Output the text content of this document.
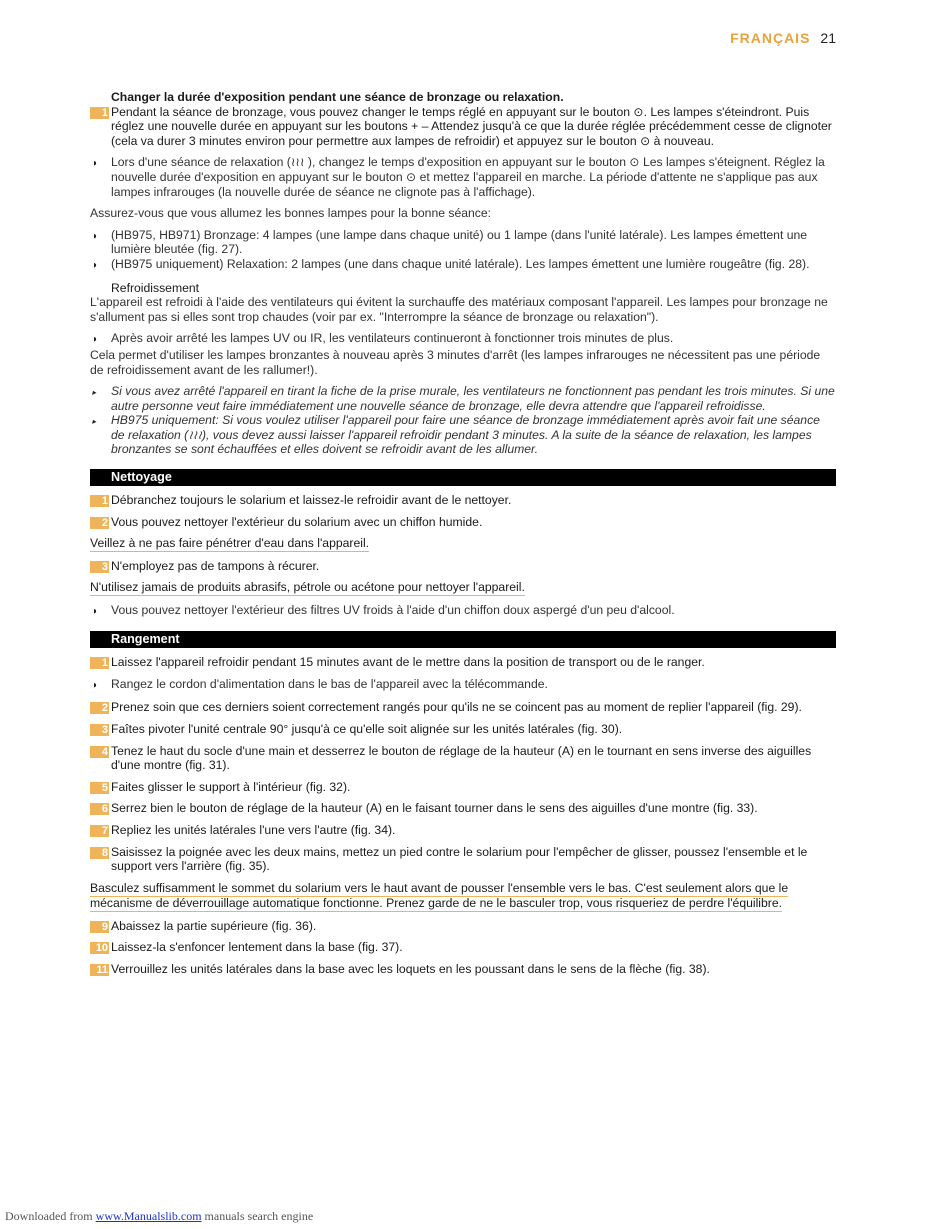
FRANÇAIS 21
Changer la durée d'exposition pendant une séance de bronzage ou relaxation.
1 Pendant la séance de bronzage, vous pouvez changer le temps réglé en appuyant sur le bouton ⊙. Les lampes s'éteindront. Puis réglez une nouvelle durée en appuyant sur les boutons + – Attendez jusqu'à ce que la durée réglée précédemment cesse de clignoter (cela va durer 3 minutes environ pour permettre aux lampes de refroidir) et appuyez sur le bouton ⊙ à nouveau.
◗	Lors d'une séance de relaxation (≀≀≀ ), changez le temps d'exposition en appuyant sur le bouton ⊙ Les lampes s'éteignent. Réglez la nouvelle durée d'exposition en appuyant sur le bouton ⊙ et mettez l'appareil en marche. La période d'attente ne s'applique pas aux lampes infrarouges (la nouvelle durée de séance ne clignote pas à l'affichage).
Assurez-vous que vous allumez les bonnes lampes pour la bonne séance:
◗	(HB975, HB971) Bronzage: 4 lampes (une lampe dans chaque unité) ou 1 lampe (dans l'unité latérale). Les lampes émettent une lumière bleutée (fig. 27).
◗	(HB975 uniquement) Relaxation: 2 lampes (une dans chaque unité latérale). Les lampes émettent une lumière rougeâtre (fig. 28).
Refroidissement
L'appareil est refroidi à l'aide des ventilateurs qui évitent la surchauffe des matériaux composant l'appareil. Les lampes pour bronzage ne s'allument pas si elles sont trop chaudes (voir par ex. "Interrompre la séance de bronzage ou relaxation").
◗	Après avoir arrêté les lampes UV ou IR, les ventilateurs continueront à fonctionner trois minutes de plus.
Cela permet d'utiliser les lampes bronzantes à nouveau après 3 minutes d'arrêt (les lampes infrarouges ne nécessitent pas une période de refroidissement avant de les rallumer!).
▸	Si vous avez arrêté l'appareil en tirant la fiche de la prise murale, les ventilateurs ne fonctionnent pas pendant les trois minutes. Si une autre personne veut faire immédiatement une nouvelle séance de bronzage, elle devra attendre que l'appareil refroidisse.
▸	HB975 uniquement: Si vous voulez utiliser l'appareil pour faire une séance de bronzage immédiatement après avoir fait une séance de relaxation (≀≀≀), vous devez aussi laisser l'appareil refroidir pendant 3 minutes. A la suite de la séance de relaxation, les lampes bronzantes se sont échauffées et elles doivent se refroidir avant de les allumer.
Nettoyage
1 Débranchez toujours le solarium et laissez-le refroidir avant de le nettoyer.
2 Vous pouvez nettoyer l'extérieur du solarium avec un chiffon humide.
Veillez à ne pas faire pénétrer d'eau dans l'appareil.
3 N'employez pas de tampons à récurer.
N'utilisez jamais de produits abrasifs, pétrole ou acétone pour nettoyer l'appareil.
◗	Vous pouvez nettoyer l'extérieur des filtres UV froids à l'aide d'un chiffon doux aspergé d'un peu d'alcool.
Rangement
1 Laissez l'appareil refroidir pendant 15 minutes avant de le mettre dans la position de transport ou de le ranger.
◗	Rangez le cordon d'alimentation dans le bas de l'appareil avec la télécommande.
2 Prenez soin que ces derniers soient correctement rangés pour qu'ils ne se coincent pas au moment de replier l'appareil (fig. 29).
3 Faîtes pivoter l'unité centrale 90° jusqu'à ce qu'elle soit alignée sur les unités latérales (fig. 30).
4 Tenez le haut du socle d'une main et desserrez le bouton de réglage de la hauteur (A) en le tournant en sens inverse des aiguilles d'une montre (fig. 31).
5 Faites glisser le support à l'intérieur (fig. 32).
6 Serrez bien le bouton de réglage de la hauteur (A) en le faisant tourner dans le sens des aiguilles d'une montre (fig. 33).
7 Repliez les unités latérales l'une vers l'autre (fig. 34).
8 Saisissez la poignée avec les deux mains, mettez un pied contre le solarium pour l'empêcher de glisser, poussez l'ensemble et le support vers l'arrière (fig. 35).
Basculez suffisamment le sommet du solarium vers le haut avant de pousser l'ensemble vers le bas. C'est seulement alors que le mécanisme de déverrouillage automatique fonctionne. Prenez garde de ne le basculer trop, vous risqueriez de perdre l'équilibre.
9 Abaissez la partie supérieure (fig. 36).
10 Laissez-la s'enfoncer lentement dans la base (fig. 37).
11 Verrouillez les unités latérales dans la base avec les loquets en les poussant dans le sens de la flèche (fig. 38).
Downloaded from www.Manualslib.com manuals search engine
